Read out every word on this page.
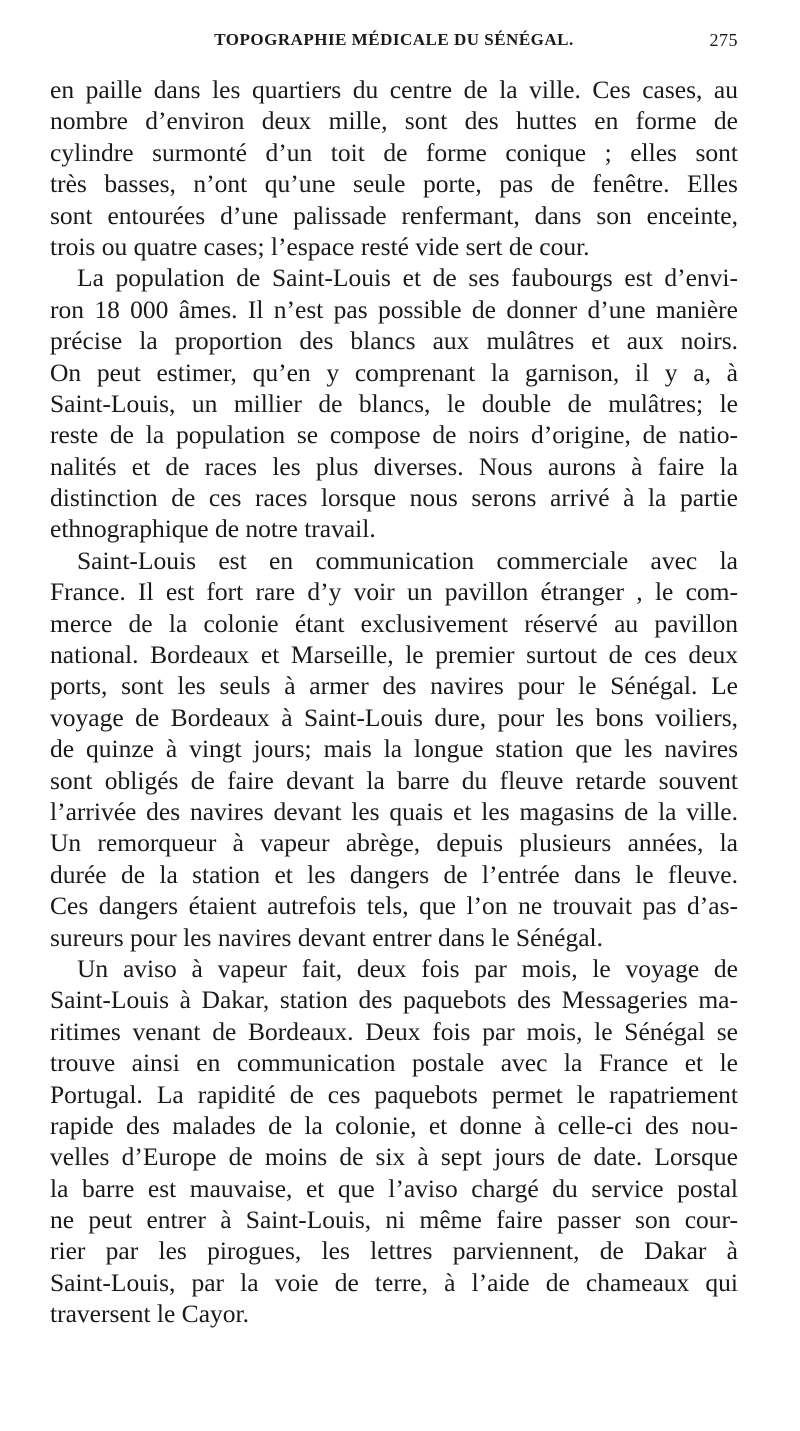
TOPOGRAPHIE MÉDICALE DU SÉNÉGAL.	275
en paille dans les quartiers du centre de la ville. Ces cases, au
nombre d’environ deux mille, sont des huttes en forme de
cylindre surmonté d’un toit de forme conique ; elles sont
très basses, n’ont qu’une seule porte, pas de fenêtre. Elles
sont entourées d’une palissade renfermant, dans son enceinte,
trois ou quatre cases; l’espace resté vide sert de cour.
La population de Saint-Louis et de ses faubourgs est d’envi-
ron 18 000 âmes. Il n’est pas possible de donner d’une manière
précise la proportion des blancs aux mulâtres et aux noirs.
On peut estimer, qu’en y comprenant la garnison, il y a, à
Saint-Louis, un millier de blancs, le double de mulâtres; le
reste de la population se compose de noirs d’origine, de natio-
nalités et de races les plus diverses. Nous aurons à faire la
distinction de ces races lorsque nous serons arrivé à la partie
ethnographique de notre travail.
Saint-Louis est en communication commerciale avec la
France. Il est fort rare d’y voir un pavillon étranger , le com-
merce de la colonie étant exclusivement réservé au pavillon
national. Bordeaux et Marseille, le premier surtout de ces deux
ports, sont les seuls à armer des navires pour le Sénégal. Le
voyage de Bordeaux à Saint-Louis dure, pour les bons voiliers,
de quinze à vingt jours; mais la longue station que les navires
sont obligés de faire devant la barre du fleuve retarde souvent
l’arrivée des navires devant les quais et les magasins de la ville.
Un remorqueur à vapeur abrège, depuis plusieurs années, la
durée de la station et les dangers de l’entrée dans le fleuve.
Ces dangers étaient autrefois tels, que l’on ne trouvait pas d’as-
sureurs pour les navires devant entrer dans le Sénégal.
Un aviso à vapeur fait, deux fois par mois, le voyage de
Saint-Louis à Dakar, station des paquebots des Messageries ma-
ritimes venant de Bordeaux. Deux fois par mois, le Sénégal se
trouve ainsi en communication postale avec la France et le
Portugal. La rapidité de ces paquebots permet le rapatriement
rapide des malades de la colonie, et donne à celle-ci des nou-
velles d’Europe de moins de six à sept jours de date. Lorsque
la barre est mauvaise, et que l’aviso chargé du service postal
ne peut entrer à Saint-Louis, ni même faire passer son cour-
rier par les pirogues, les lettres parviennent, de Dakar à
Saint-Louis, par la voie de terre, à l’aide de chameaux qui
traversent le Cayor.
